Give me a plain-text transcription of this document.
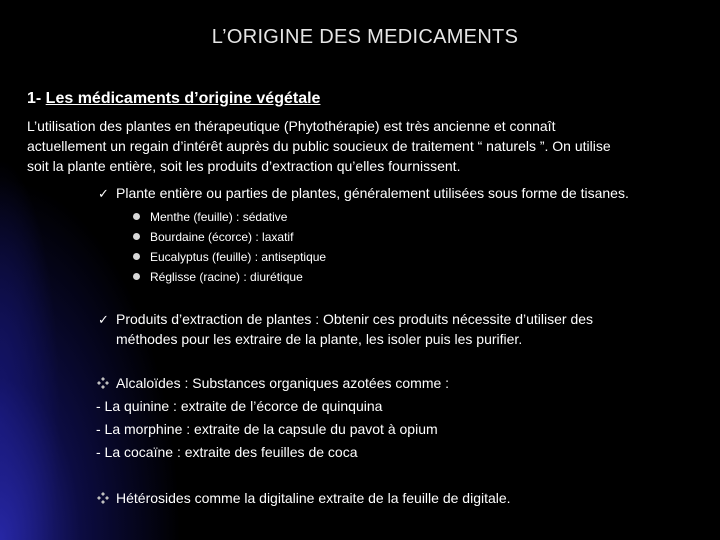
L’ORIGINE DES MEDICAMENTS
1- Les médicaments d’origine végétale
L’utilisation des plantes en thérapeutique (Phytothérapie) est très ancienne et connaît
actuellement un regain d’intérêt auprès du public soucieux de traitement “ naturels ”. On utilise
soit la plante entière, soit les produits d’extraction qu’elles fournissent.
✓ Plante entière ou parties de plantes, généralement utilisées sous forme de tisanes.
Menthe (feuille) : sédative
Bourdaine (écorce) : laxatif
Eucalyptus (feuille) : antiseptique
Réglisse (racine) : diurétique
✓ Produits d’extraction de plantes : Obtenir ces produits nécessite d’utiliser des
méthodes pour les extraire de la plante, les isoler puis les purifier.
Alcaloïdes : Substances organiques azotées comme :
- La quinine : extraite de l’écorce de quinquina
- La morphine : extraite de la capsule du pavot à opium
- La cocaïne : extraite des feuilles de coca
Hétérosides comme la digitaline extraite de la feuille de digitale.
